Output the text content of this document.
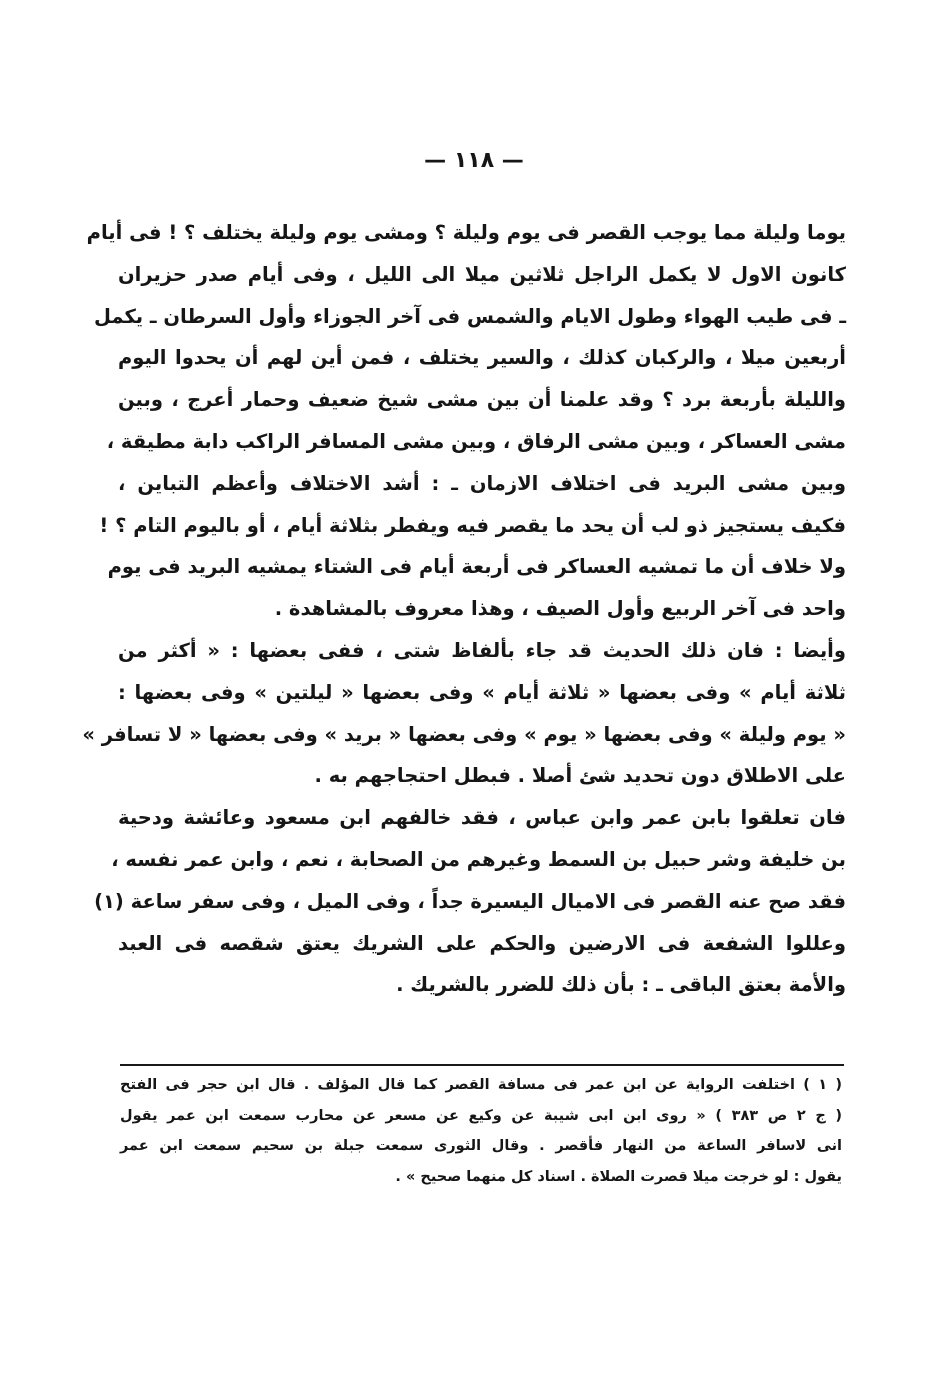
— ١١٨ —
يوما وليلة مما يوجب القصر فى يوم وليلة ؟ ومشى يوم وليلة يختلف ؟ ! فى أيام
كانون الاول لا يكمل الراجل ثلاثين ميلا الى الليل ، وفى أيام صدر حزيران
ـ فى طيب الهواء وطول الايام والشمس فى آخر الجوزاء وأول السرطان ـ يكمل
أربعين ميلا ، والركبان كذلك ، والسير يختلف ، فمن أين لهم أن يحدوا اليوم
والليلة بأربعة برد ؟ وقد علمنا أن بين مشى شيخ ضعيف وحمار أعرج ، وبين
مشى العساكر ، وبين مشى الرفاق ، وبين مشى المسافر الراكب دابة مطيقة ،
وبين مشى البريد فى اختلاف الازمان ـ : أشد الاختلاف وأعظم التباين ،
فكيف يستجيز ذو لب أن يحد ما يقصر فيه ويفطر بثلاثة أيام ، أو باليوم التام ؟ !
ولا خلاف أن ما تمشيه العساكر فى أربعة أيام فى الشتاء يمشيه البريد فى يوم
واحد فى آخر الربيع وأول الصيف ، وهذا معروف بالمشاهدة .
وأيضا : فان ذلك الحديث قد جاء بألفاظ شتى ، ففى بعضها : « أكثر من
ثلاثة أيام » وفى بعضها « ثلاثة أيام » وفى بعضها « ليلتين » وفى بعضها :
« يوم وليلة » وفى بعضها « يوم » وفى بعضها « بريد » وفى بعضها « لا تسافر »
على الاطلاق دون تحديد شئ أصلا . فبطل احتجاجهم به .
فان تعلقوا بابن عمر وابن عباس ، فقد خالفهم ابن مسعود وعائشة ودحية
بن خليفة وشر حبيل بن السمط وغيرهم من الصحابة ، نعم ، وابن عمر نفسه ،
فقد صح عنه القصر فى الاميال اليسيرة جداً ، وفى الميل ، وفى سفر ساعة (١)
وعللوا الشفعة فى الارضين والحكم على الشريك يعتق شقصه فى العبد
والأمة بعتق الباقى ـ : بأن ذلك للضرر بالشريك .
( ١ ) اختلفت الرواية عن ابن عمر فى مسافة القصر كما قال المؤلف . قال ابن حجر فى الفتح
( ج ٢ ص ٣٨٣ ) « روى ابن ابى شيبة عن وكيع عن مسعر عن محارب سمعت ابن عمر يقول
انى لاسافر الساعة من النهار فأقصر . وقال الثورى سمعت جبلة بن سحيم سمعت ابن عمر
يقول : لو خرجت ميلا قصرت الصلاة . اسناد كل منهما صحيح » .
